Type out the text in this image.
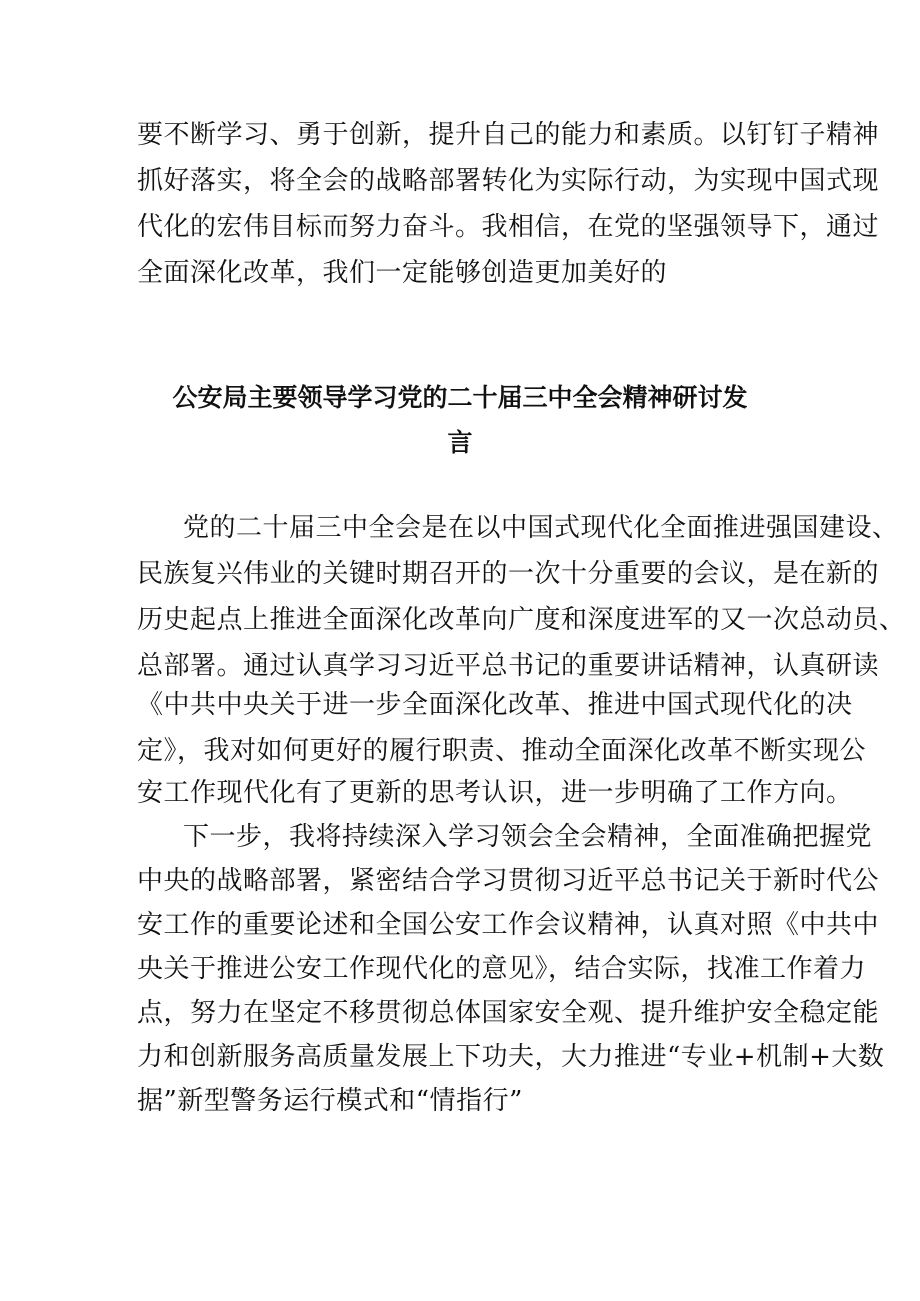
要不断学习、勇于创新，提升自己的能力和素质。以钉钉子精神
抓好落实，将全会的战略部署转化为实际行动，为实现中国式现
代化的宏伟目标而努力奋斗。我相信，在党的坚强领导下，通过
全面深化改革，我们一定能够创造更加美好的
公安局主要领导学习党的二十届三中全会精神研讨发
言
党的二十届三中全会是在以中国式现代化全面推进强国建设、
民族复兴伟业的关键时期召开的一次十分重要的会议，是在新的
历史起点上推进全面深化改革向广度和深度进军的又一次总动员、
总部署。通过认真学习习近平总书记的重要讲话精神，认真研读
《中共中央关于进一步全面深化改革、推进中国式现代化的决
定》，我对如何更好的履行职责、推动全面深化改革不断实现公
安工作现代化有了更新的思考认识，进一步明确了工作方向。
下一步，我将持续深入学习领会全会精神，全面准确把握党
中央的战略部署，紧密结合学习贯彻习近平总书记关于新时代公
安工作的重要论述和全国公安工作会议精神，认真对照《中共中
央关于推进公安工作现代化的意见》，结合实际，找准工作着力
点，努力在坚定不移贯彻总体国家安全观、提升维护安全稳定能
力和创新服务高质量发展上下功夫，大力推进“专业+机制+大数
据”新型警务运行模式和“情指行”
